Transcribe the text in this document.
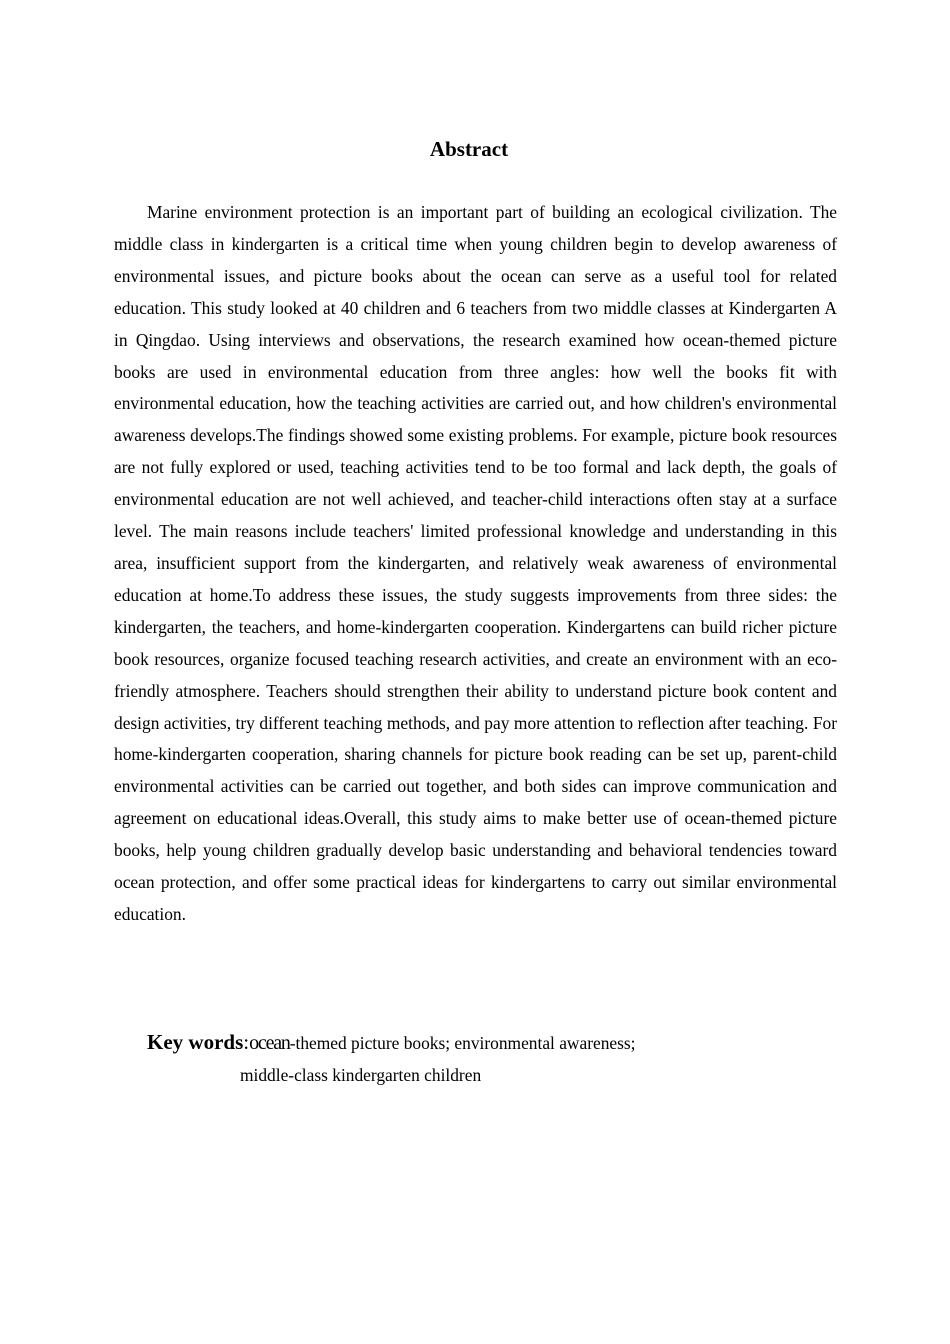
Abstract

Marine environment protection is an important part of building an ecological civilization. The middle class in kindergarten is a critical time when young children begin to develop awareness of environmental issues, and picture books about the ocean can serve as a useful tool for related education. This study looked at 40 children and 6 teachers from two middle classes at Kindergarten A in Qingdao. Using interviews and observations, the research examined how ocean-themed picture books are used in environmental education from three angles: how well the books fit with environmental education, how the teaching activities are carried out, and how children's environmental awareness develops.The findings showed some existing problems. For example, picture book resources are not fully explored or used, teaching activities tend to be too formal and lack depth, the goals of environmental education are not well achieved, and teacher-child interactions often stay at a surface level. The main reasons include teachers' limited professional knowledge and understanding in this area, insufficient support from the kindergarten, and relatively weak awareness of environmental education at home.To address these issues, the study suggests improvements from three sides: the kindergarten, the teachers, and home-kindergarten cooperation. Kindergartens can build richer picture book resources, organize focused teaching research activities, and create an environment with an eco-friendly atmosphere. Teachers should strengthen their ability to understand picture book content and design activities, try different teaching methods, and pay more attention to reflection after teaching. For home-kindergarten cooperation, sharing channels for picture book reading can be set up, parent-child environmental activities can be carried out together, and both sides can improve communication and agreement on educational ideas.Overall, this study aims to make better use of ocean-themed picture books, help young children gradually develop basic understanding and behavioral tendencies toward ocean protection, and offer some practical ideas for kindergartens to carry out similar environmental education.

Key words:ocean-themed picture books; environmental awareness;
middle-class kindergarten children
